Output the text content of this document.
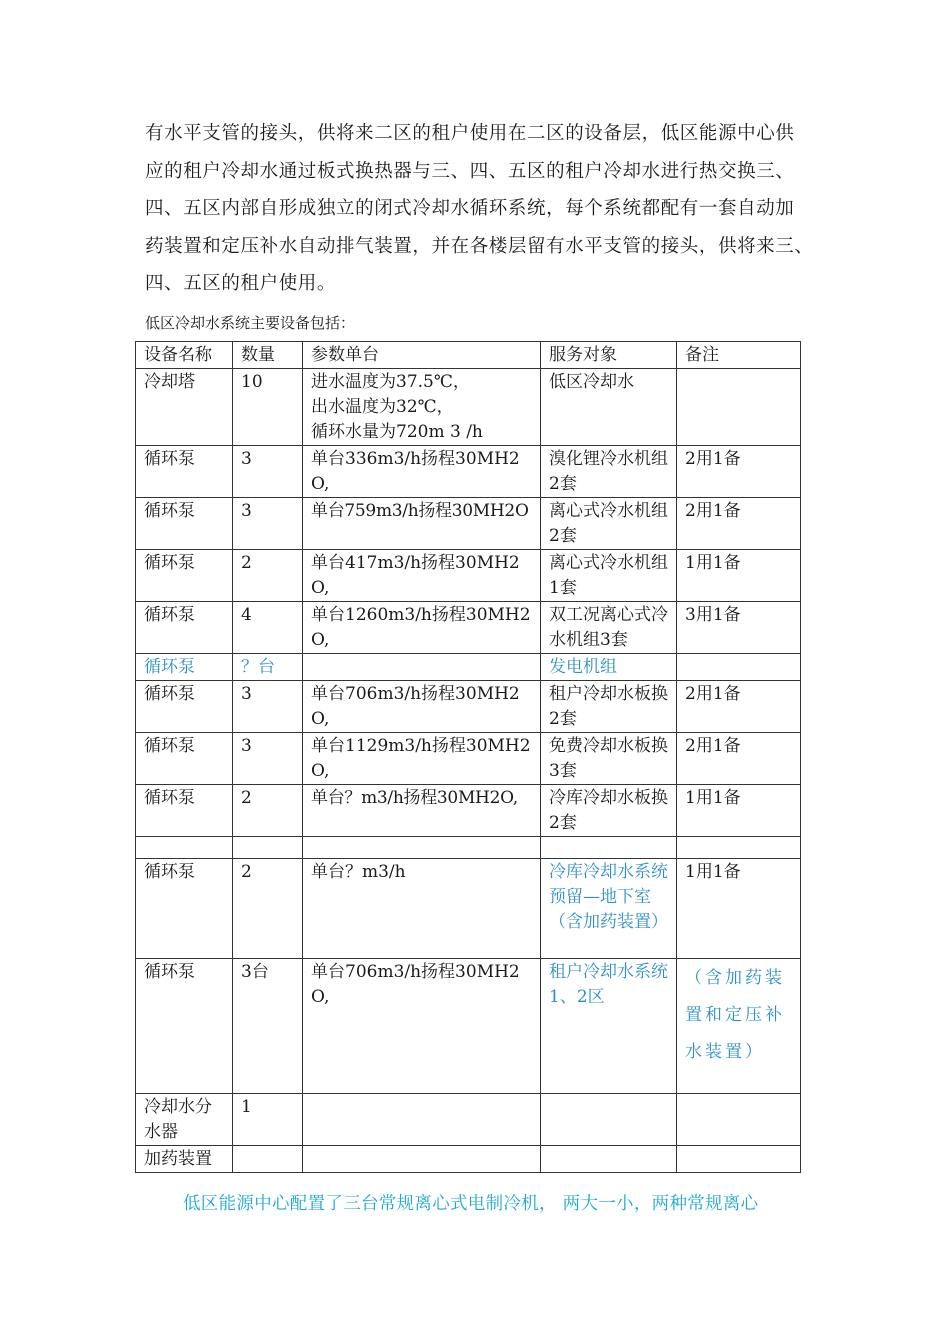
有水平支管的接头，供将来二区的租户使用在二区的设备层，低区能源中心供
应的租户冷却水通过板式换热器与三、四、五区的租户冷却水进行热交换三、
四、五区内部自形成独立的闭式冷却水循环系统，每个系统都配有一套自动加
药装置和定压补水自动排气装置，并在各楼层留有水平支管的接头，供将来三、
四、五区的租户使用。
低区冷却水系统主要设备包括：
设备名称	数量	参数单台	服务对象	备注
冷却塔	10	进水温度为37.5℃，
出水温度为32℃，
循环水量为720m 3 /h	低区冷却水	
循环泵	3	单台336m3/h扬程30MH2O,	溴化锂冷水机组2套	2用1备
循环泵	3	单台759m3/h扬程30MH2O	离心式冷水机组2套	2用1备
循环泵	2	单台417m3/h扬程30MH2O,	离心式冷水机组1套	1用1备
循环泵	4	单台1260m3/h扬程30MH2O,	双工况离心式冷水机组3套	3用1备
循环泵	？台		发电机组	
循环泵	3	单台706m3/h扬程30MH2O,	租户冷却水板换2套	2用1备
循环泵	3	单台1129m3/h扬程30MH2O,	免费冷却水板换3套	2用1备
循环泵	2	单台？m3/h扬程30MH2O,	冷库冷却水板换2套	1用1备

循环泵	2	单台？m3/h	冷库冷却水系统预留—地下室（含加药装置）	1用1备
循环泵	3台	单台706m3/h扬程30MH2O,	租户冷却水系统1、2区	（含加药装置和定压补水装置）
冷却水分水器	1			
加药装置				
低区能源中心配置了三台常规离心式电制冷机， 两大一小，两种常规离心
